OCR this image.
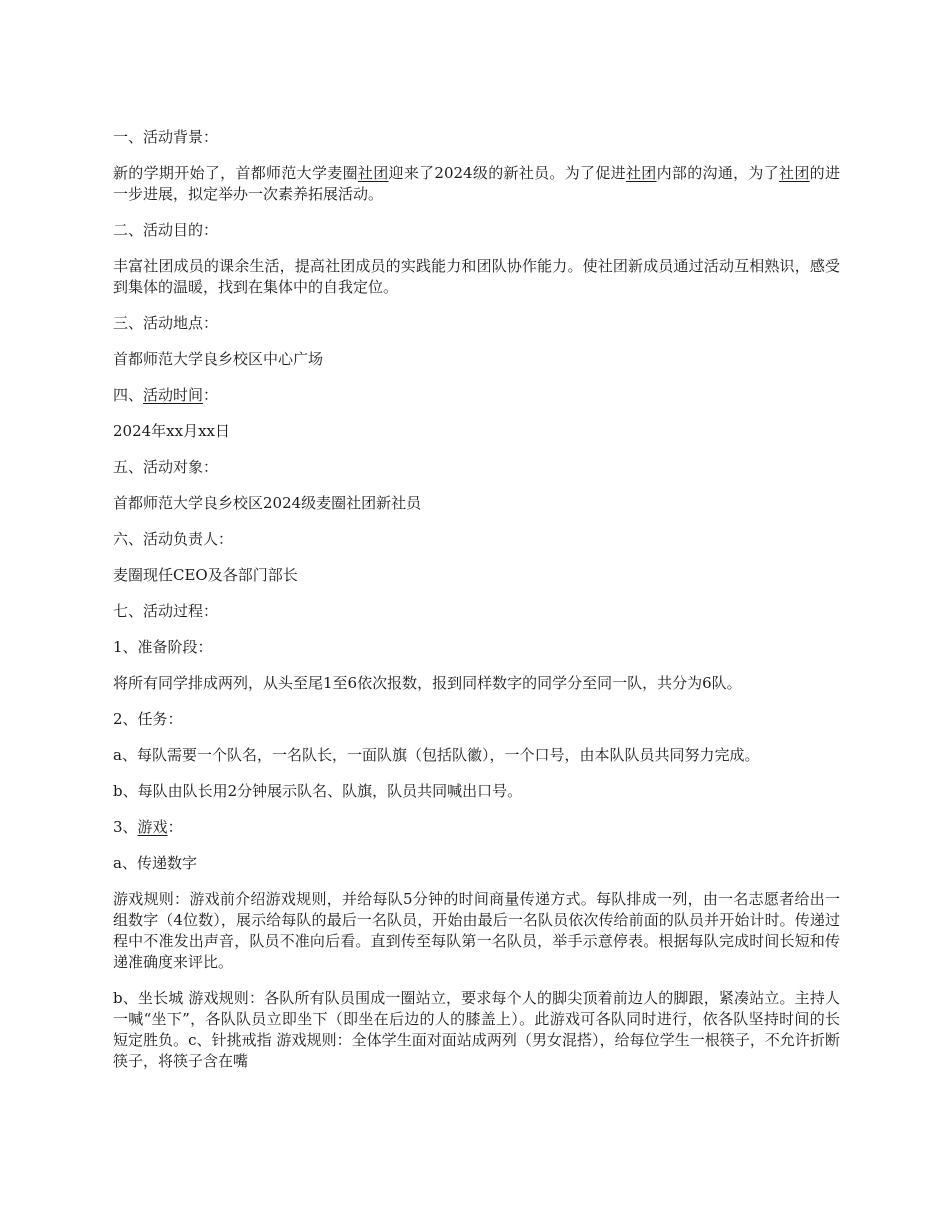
一、活动背景：

新的学期开始了，首都师范大学麦圈社团迎来了2024级的新社员。为了促进社团内部的沟通，为了社团的进一步进展，拟定举办一次素养拓展活动。

二、活动目的：

丰富社团成员的课余生活，提高社团成员的实践能力和团队协作能力。使社团新成员通过活动互相熟识，感受到集体的温暖，找到在集体中的自我定位。

三、活动地点：

首都师范大学良乡校区中心广场

四、活动时间：

2024年xx月xx日

五、活动对象：

首都师范大学良乡校区2024级麦圈社团新社员

六、活动负责人：

麦圈现任CEO及各部门部长

七、活动过程：

1、准备阶段：

将所有同学排成两列，从头至尾1至6依次报数，报到同样数字的同学分至同一队，共分为6队。

2、任务：

a、每队需要一个队名，一名队长，一面队旗（包括队徽），一个口号，由本队队员共同努力完成。

b、每队由队长用2分钟展示队名、队旗，队员共同喊出口号。

3、游戏：

a、传递数字

游戏规则：游戏前介绍游戏规则，并给每队5分钟的时间商量传递方式。每队排成一列，由一名志愿者给出一组数字（4位数），展示给每队的最后一名队员，开始由最后一名队员依次传给前面的队员并开始计时。传递过程中不准发出声音，队员不准向后看。直到传至每队第一名队员，举手示意停表。根据每队完成时间长短和传递准确度来评比。

b、坐长城 游戏规则：各队所有队员围成一圈站立，要求每个人的脚尖顶着前边人的脚跟，紧凑站立。主持人一喊“坐下”，各队队员立即坐下（即坐在后边的人的膝盖上）。此游戏可各队同时进行，依各队坚持时间的长短定胜负。c、针挑戒指 游戏规则：全体学生面对面站成两列（男女混搭），给每位学生一根筷子，不允许折断筷子，将筷子含在嘴
